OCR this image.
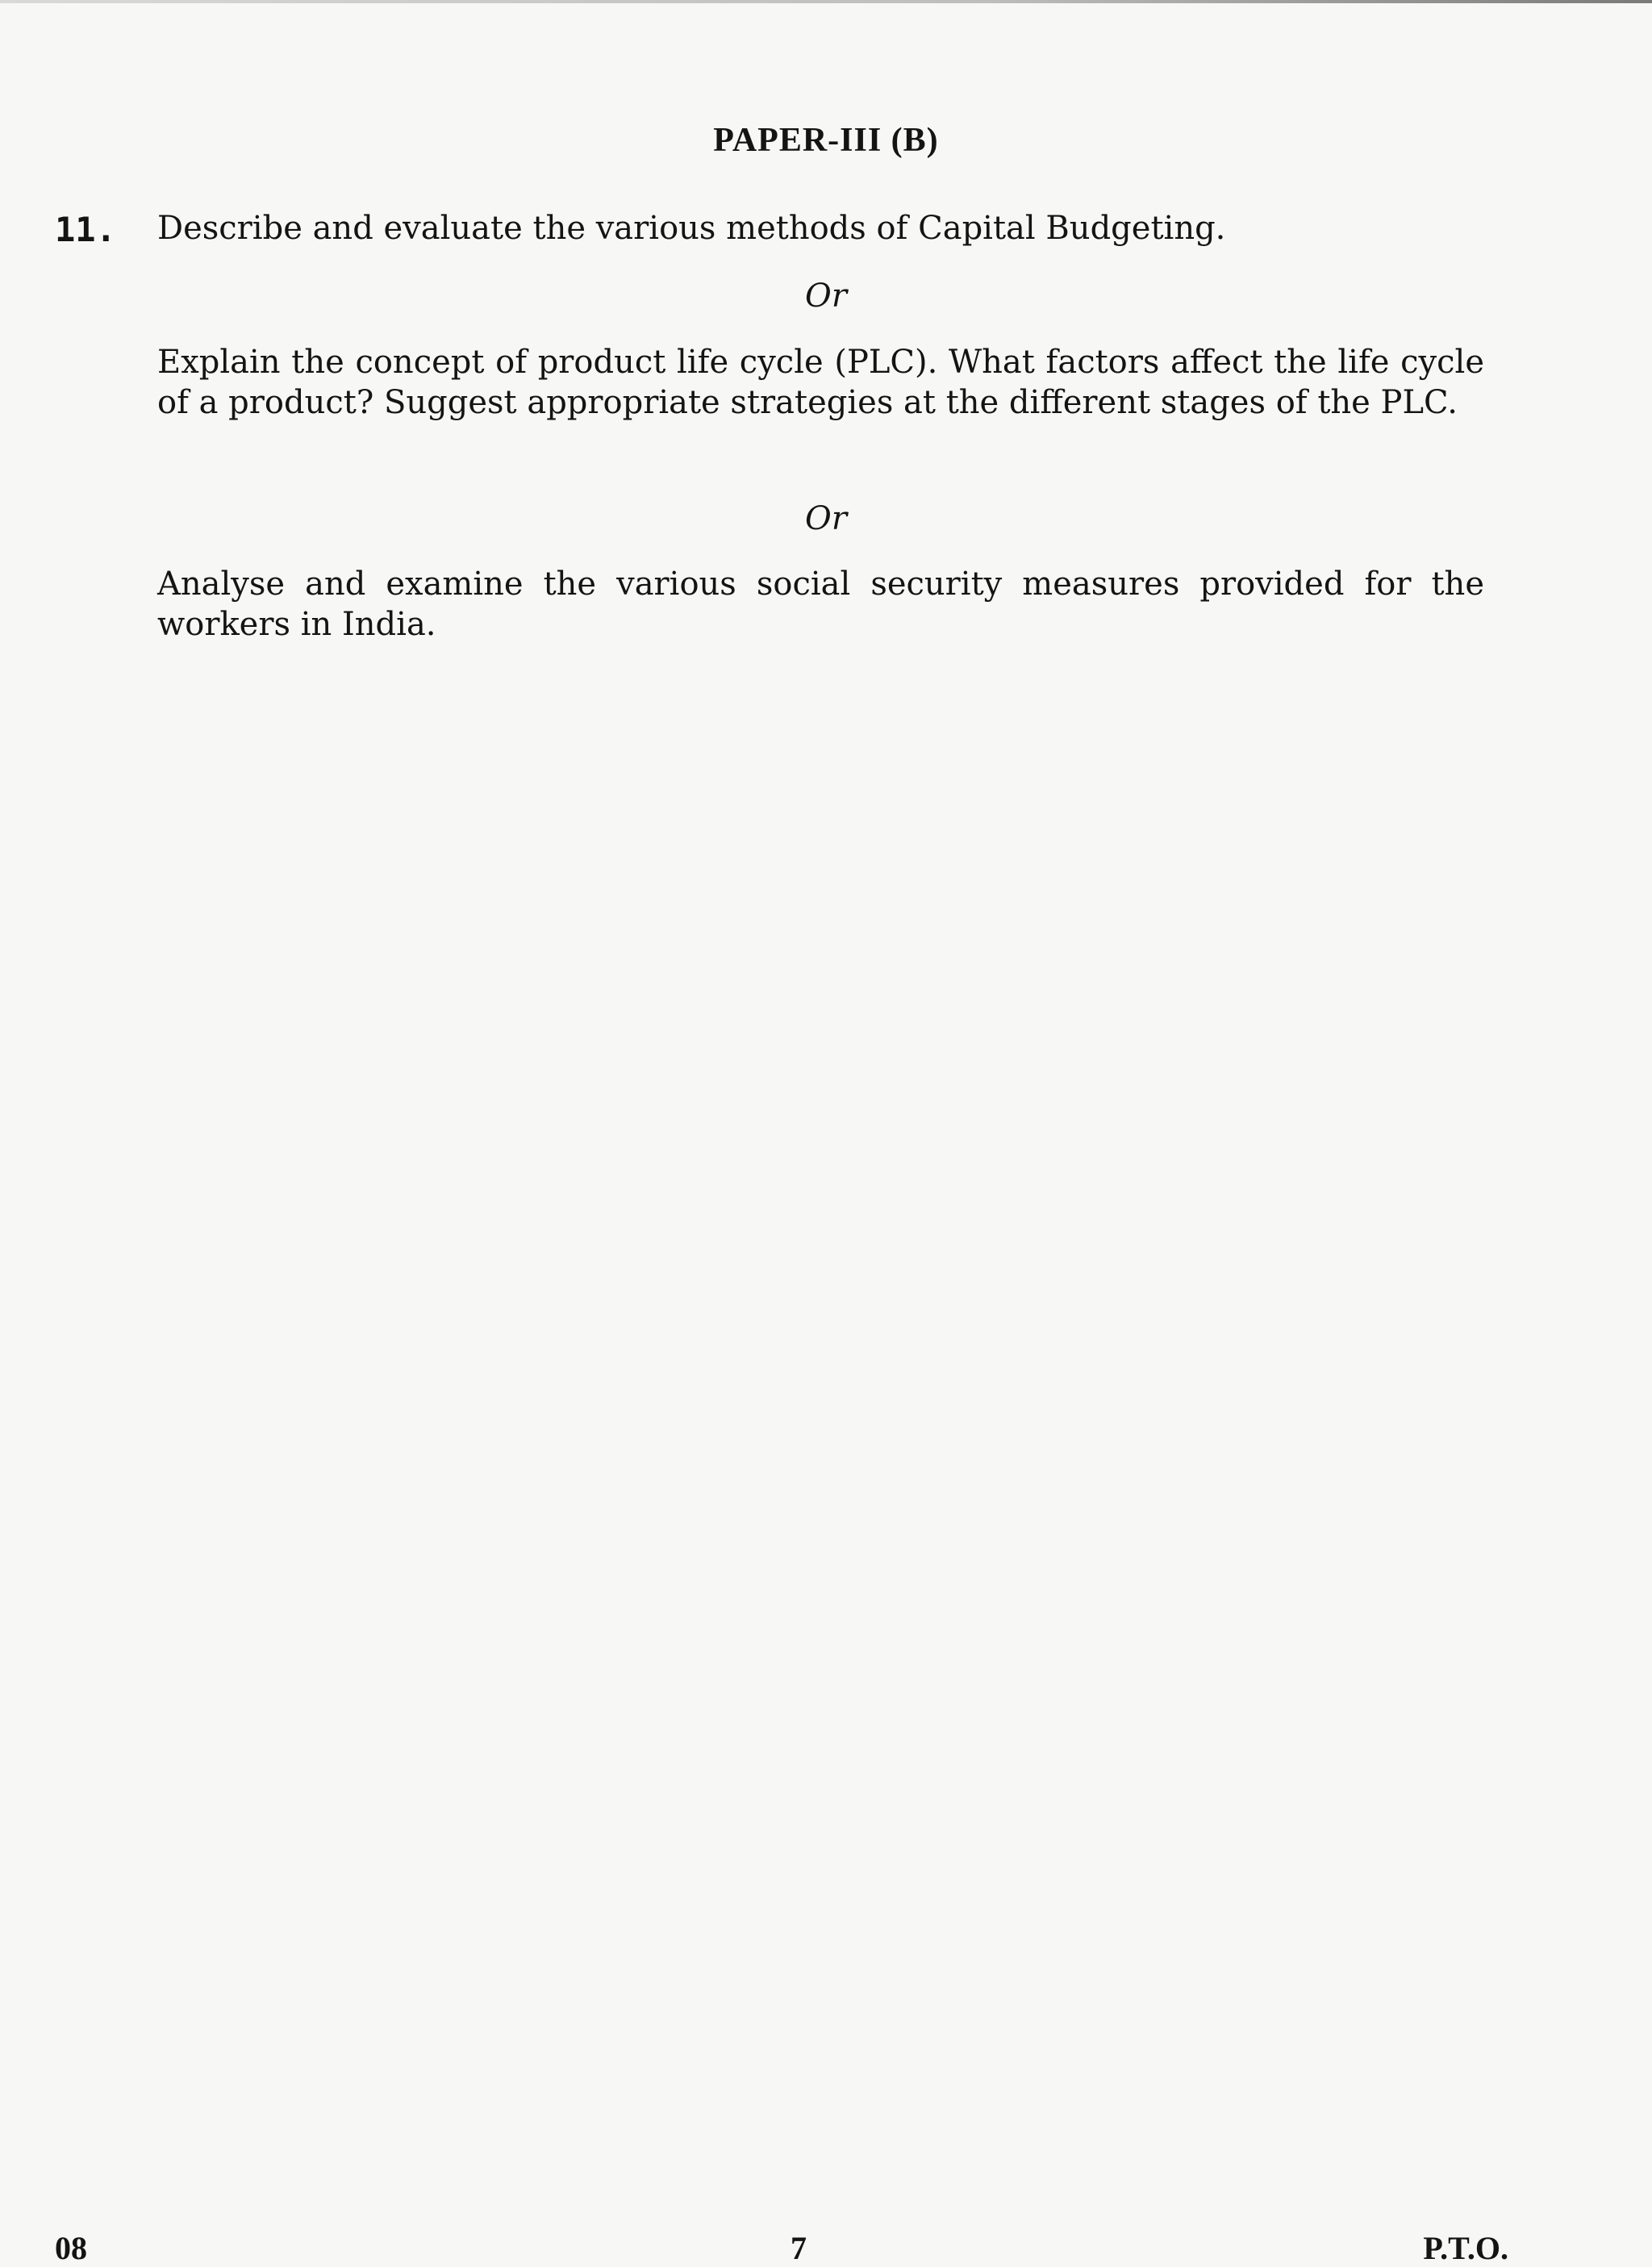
PAPER-III (B)
11. Describe and evaluate the various methods of Capital Budgeting.
Or
Explain the concept of product life cycle (PLC). What factors affect the life cycle of a product? Suggest appropriate strategies at the different stages of the PLC.
Or
Analyse and examine the various social security measures provided for the workers in India.
08	7	P.T.O.
